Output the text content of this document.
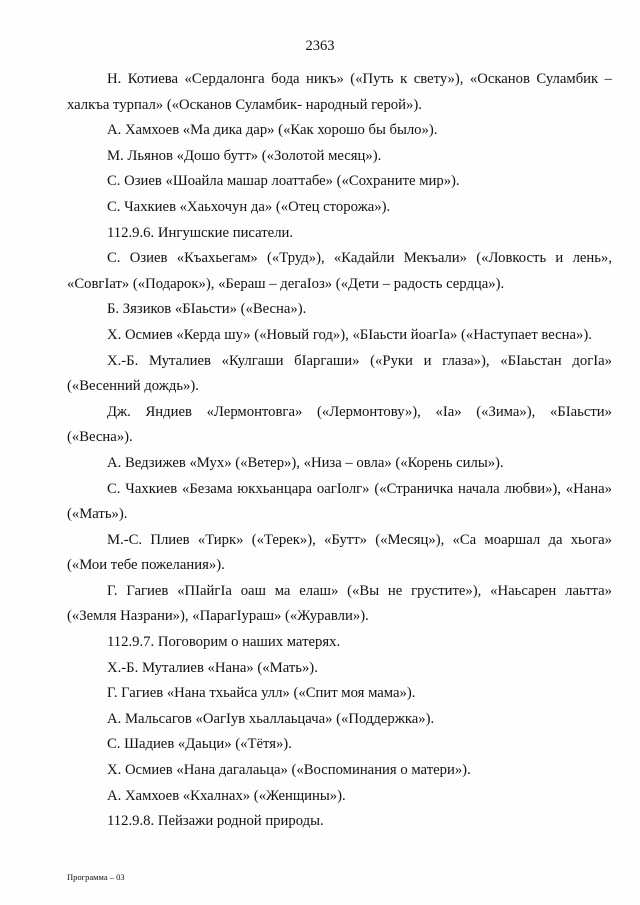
2363

Н. Котиева «Сердалонга бода никъ» («Путь к свету»), «Осканов Сулaмбик – халкъа турпал» («Осканов Суламбик- народный герой»).

А. Хамхоев «Ма дика дар» («Как хорошо бы было»).

М. Льянов «Дошо бутт» («Золотой месяц»).

С. Озиев «Шоайла машар лоаттабе» («Сохраните мир»).

С. Чахкиев «Хаьхочун да» («Отец сторожа»).

112.9.6. Ингушские писатели.

С. Озиев «Къахьегам» («Труд»), «Кадайли Мекъали» («Ловкость и лень», «СовгIат» («Подарок»), «Бераш – дегаIоз» («Дети – радость сердца»).

Б. Зязиков «БIаьсти» («Весна»).

Х. Осмиев «Керда шу» («Новый год»), «БIаьсти йоагIа» («Наступает весна»).

Х.-Б. Муталиев «Кулгаши бIаргаши» («Руки и глаза»), «БIаьстан догIа» («Весенний дождь»).

Дж. Яндиев «Лермонтовга» («Лермонтову»), «Iа» («Зима»), «БIаьсти» («Весна»).

А. Ведзижев «Мух» («Ветер»), «Низа – овла» («Корень силы»).

С. Чахкиев «Безама юкхьанцара оагIолг» («Страничка начала любви»), «Нана» («Мать»).

М.-С. Плиев «Тирк» («Терек»), «Бутт» («Месяц»), «Са моаршал да хьога» («Мои тебе пожелания»).

Г. Гагиев «ПIайгIа оаш ма елаш» («Вы не грустите»), «Наьсарен лаьтта» («Земля Назрани»), «ПарагIураш» («Журавли»).

112.9.7. Поговорим о наших матерях.

Х.-Б. Муталиев «Нана» («Мать»).

Г. Гагиев «Нана тхьайса улл» («Спит моя мама»).

А. Мальсагов «ОагIув хьаллаьцача» («Поддержка»).

С. Шадиев «Даьци» («Тётя»).

Х. Осмиев «Нана дагалаьца» («Воспоминания о матери»).

А. Хамхоев «Кхалнах» («Женщины»).

112.9.8. Пейзажи родной природы.

Программа – 03
